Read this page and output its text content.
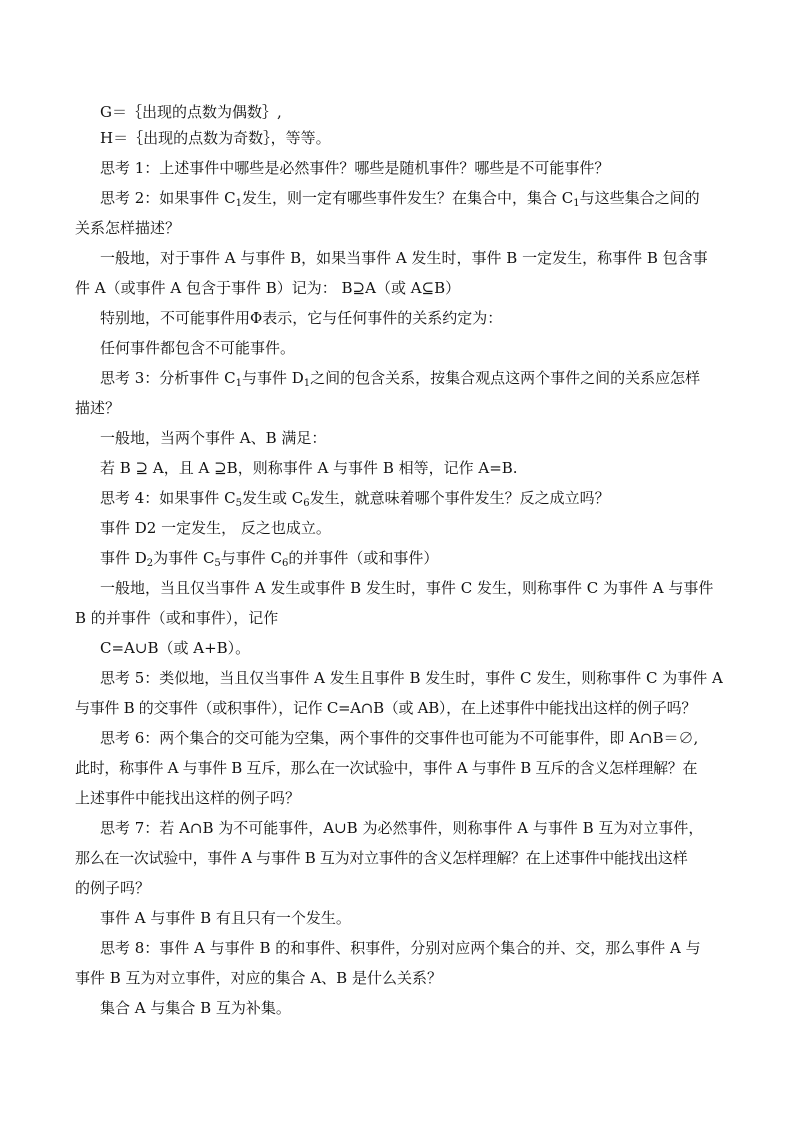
G＝｛出现的点数为偶数｝,
H＝｛出现的点数为奇数｝，等等。
思考 1：上述事件中哪些是必然事件？哪些是随机事件？哪些是不可能事件？
思考 2：如果事件 $C_1$发生，则一定有哪些事件发生？在集合中，集合 $C_1$与这些集合之间的
关系怎样描述？
一般地，对于事件 A 与事件 B，如果当事件 A 发生时，事件 B 一定发生，称事件 B 包含事
件 A（或事件 A 包含于事件 B）记为： B⊇A（或 A⊆B）
特别地，不可能事件用Φ表示，它与任何事件的关系约定为：
任何事件都包含不可能事件。
思考 3：分析事件 $C_1$与事件 $D_1$之间的包含关系，按集合观点这两个事件之间的关系应怎样
描述？
一般地，当两个事件 A、B 满足：
若 B ⊇ A，且 A ⊇B，则称事件 A 与事件 B 相等，记作 A=B.
思考 4：如果事件 $C_5$发生或 $C_6$发生，就意味着哪个事件发生？反之成立吗？
事件 D2 一定发生， 反之也成立。
事件 $D_2$为事件 $C_5$与事件 $C_6$的并事件（或和事件）
一般地，当且仅当事件 A 发生或事件 B 发生时，事件 C 发生，则称事件 C 为事件 A 与事件
B 的并事件（或和事件），记作
C=A∪B（或 A+B）。
思考 5：类似地，当且仅当事件 A 发生且事件 B 发生时，事件 C 发生，则称事件 C 为事件 A
与事件 B 的交事件（或积事件），记作 C=A∩B（或 AB），在上述事件中能找出这样的例子吗？
思考 6：两个集合的交可能为空集，两个事件的交事件也可能为不可能事件，即 A∩B＝∅,
此时，称事件 A 与事件 B 互斥，那么在一次试验中，事件 A 与事件 B 互斥的含义怎样理解？在
上述事件中能找出这样的例子吗？
思考 7：若 A∩B 为不可能事件，A∪B 为必然事件，则称事件 A 与事件 B 互为对立事件，
那么在一次试验中，事件 A 与事件 B 互为对立事件的含义怎样理解？在上述事件中能找出这样
的例子吗？
事件 A 与事件 B 有且只有一个发生。
思考 8：事件 A 与事件 B 的和事件、积事件，分别对应两个集合的并、交，那么事件 A 与
事件 B 互为对立事件，对应的集合 A、B 是什么关系？
集合 A 与集合 B 互为补集。
